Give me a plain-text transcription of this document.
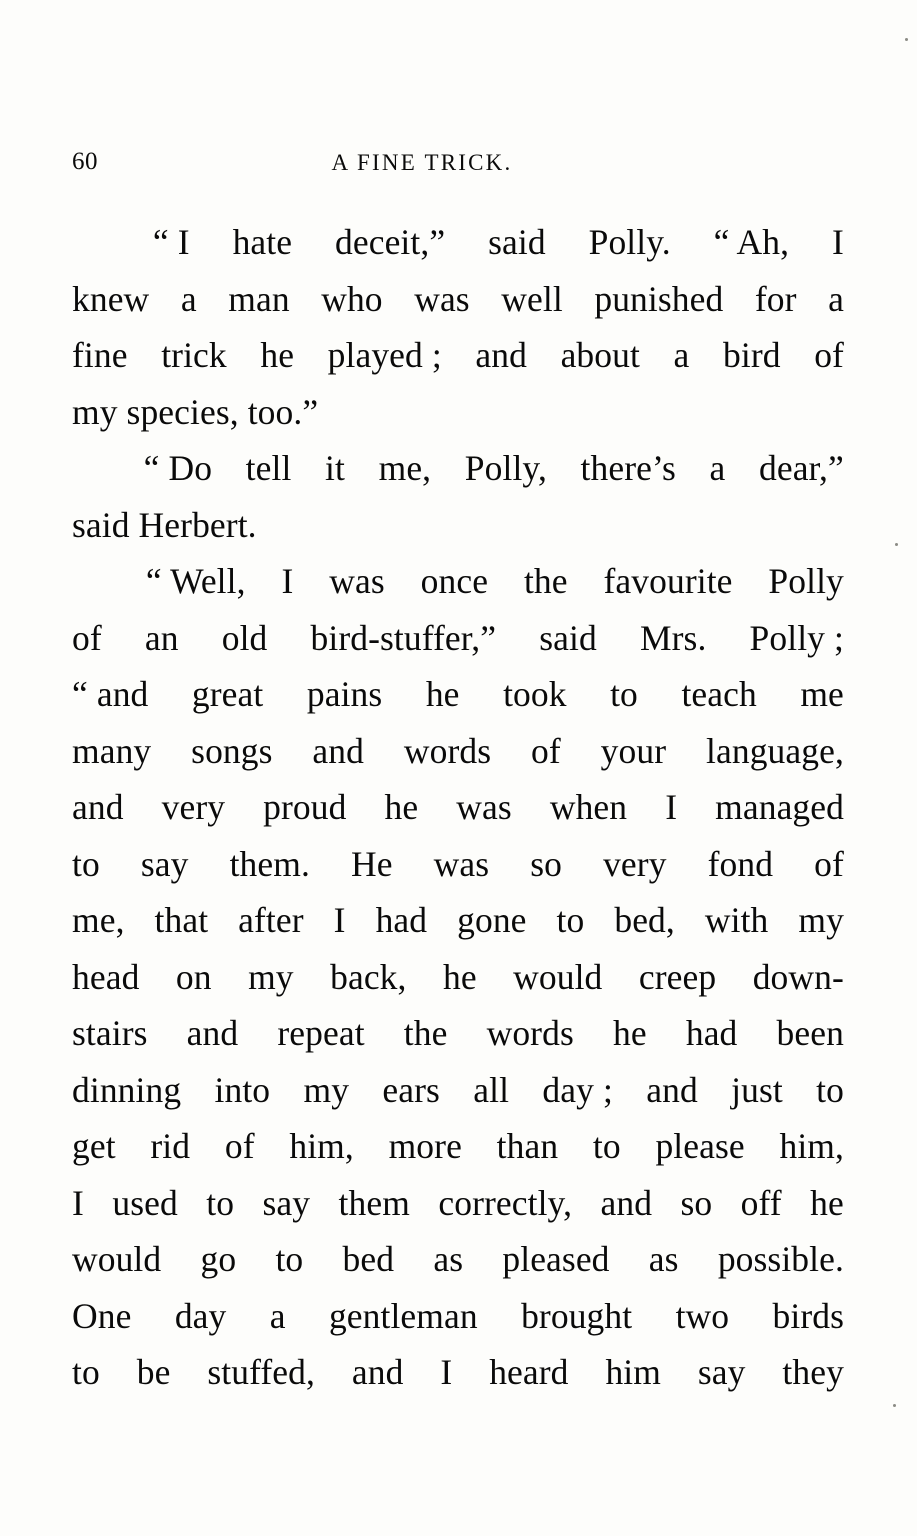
60	A FINE TRICK.
“ I hate deceit,” said Polly. “ Ah, I
knew a man who was well punished for a
fine trick he played ; and about a bird of
my species, too.”
“ Do tell it me, Polly, there’s a dear,”
said Herbert.
“ Well, I was once the favourite Polly
of an old bird-stuffer,” said Mrs. Polly ;
“ and great pains he took to teach me
many songs and words of your language,
and very proud he was when I managed
to say them. He was so very fond of
me, that after I had gone to bed, with my
head on my back, he would creep down-
stairs and repeat the words he had been
dinning into my ears all day ; and just to
get rid of him, more than to please him,
I used to say them correctly, and so off he
would go to bed as pleased as possible.
One day a gentleman brought two birds
to be stuffed, and I heard him say they
